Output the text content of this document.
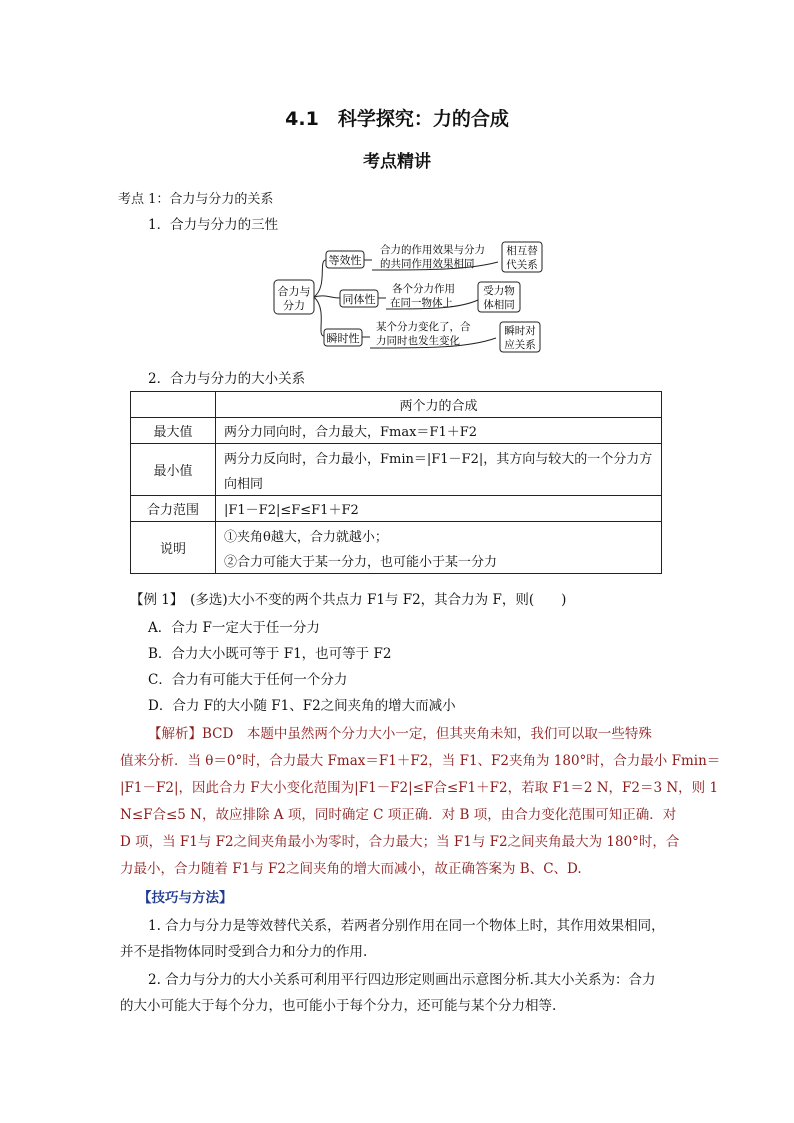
4.1　科学探究：力的合成
考点精讲
考点 1：合力与分力的关系
1．合力与分力的三性
合力与
分力
等效性
合力的作用效果与分力
的共同作用效果相同
相互替
代关系
同体性
各个分力作用
在同一物体上
受力物
体相同
瞬时性
某个分力变化了，合
力同时也发生变化
瞬时对
应关系
2．合力与分力的大小关系
	两个力的合成
最大值	两分力同向时，合力最大，Fmax＝F1＋F2
最小值	两分力反向时，合力最小，Fmin＝|F1－F2|，其方向与较大的一个分力方
向相同

合力范围	|F1－F2|≤F≤F1＋F2
说明	①夹角θ越大，合力就越小；
②合力可能大于某一分力，也可能小于某一分力
【例 1】　(多选)大小不变的两个共点力 F1与 F2，其合力为 F，则(　　)
A．合力 F一定大于任一分力
B．合力大小既可等于 F1，也可等于 F2
C．合力有可能大于任何一个分力
D．合力 F的大小随 F1、F2之间夹角的增大而减小
【解析】BCD　本题中虽然两个分力大小一定，但其夹角未知，我们可以取一些特殊
值来分析．当 θ＝0°时，合力最大 Fmax＝F1＋F2，当 F1、F2夹角为 180°时，合力最小 Fmin＝
|F1－F2|，因此合力 F大小变化范围为|F1－F2|≤F合≤F1＋F2，若取 F1＝2 N，F2＝3 N，则 1
N≤F合≤5 N，故应排除 A 项，同时确定 C 项正确．对 B 项，由合力变化范围可知正确．对
D 项，当 F1与 F2之间夹角最小为零时，合力最大；当 F1与 F2之间夹角最大为 180°时，合
力最小，合力随着 F1与 F2之间夹角的增大而减小，故正确答案为 B、C、D.
【技巧与方法】
1. 合力与分力是等效替代关系，若两者分别作用在同一个物体上时，其作用效果相同，
并不是指物体同时受到合力和分力的作用.
2. 合力与分力的大小关系可利用平行四边形定则画出示意图分析.其大小关系为：合力
的大小可能大于每个分力，也可能小于每个分力，还可能与某个分力相等.
